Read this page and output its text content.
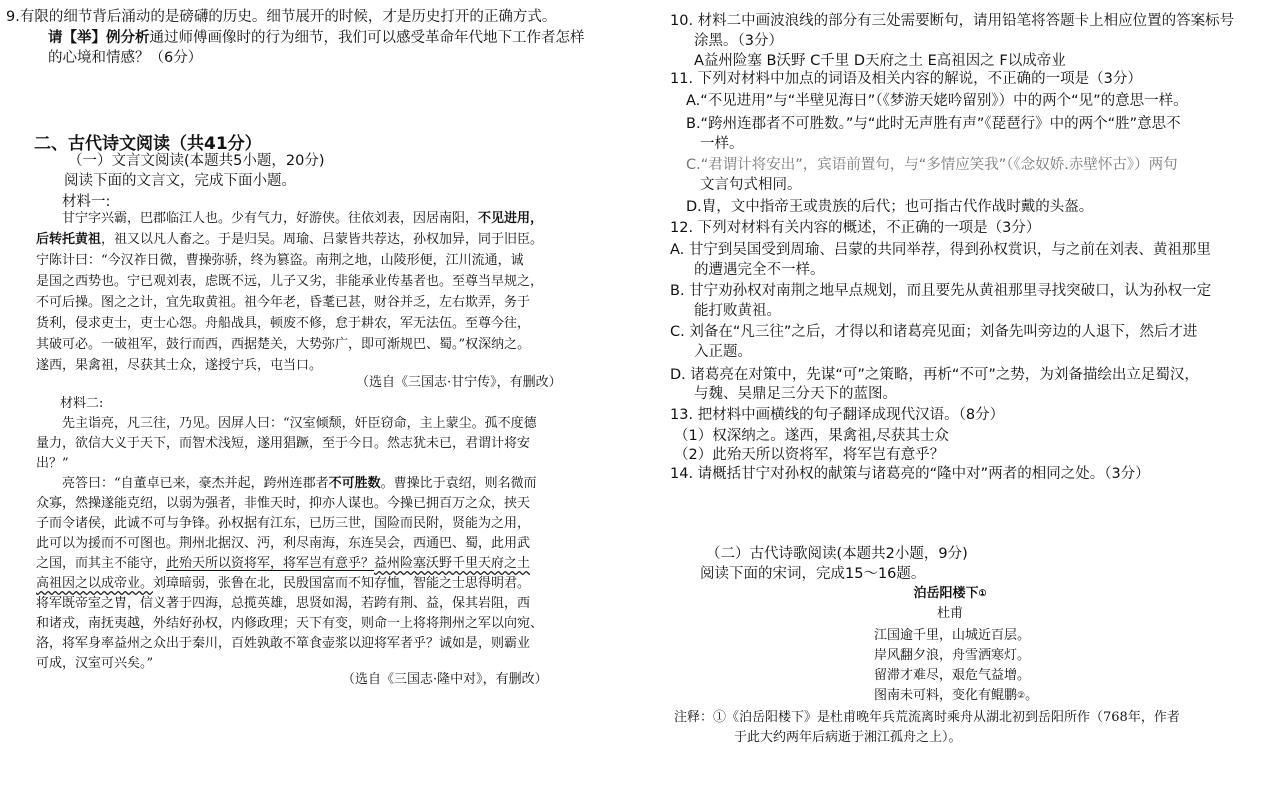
9.有限的细节背后涌动的是磅礴的历史。细节展开的时候，才是历史打开的正确方式。
请【举】例分析通过师傅画像时的行为细节，我们可以感受革命年代地下工作者怎样
的心境和情感？（6分）
二、古代诗文阅读（共41分）
（一）文言文阅读(本题共5小题，20分)
阅读下面的文言文，完成下面小题。
材料一:
甘宁字兴霸，巴郡临江人也。少有气力，好游侠。往依刘表，因居南阳，不见进用，
后转托黄祖，祖又以凡人畜之。于是归吴。周瑜、吕蒙皆共荐达，孙权加异，同于旧臣。
宁陈计曰：“今汉祚日微，曹操弥骄，终为篡盗。南荆之地，山陵形便，江川流通，诚
是国之西势也。宁已观刘表，虑既不远，儿子又劣，非能承业传基者也。至尊当早规之，
不可后操。图之之计，宜先取黄祖。祖今年老，昏耄已甚，财谷并乏，左右欺弄，务于
货利，侵求吏士，吏士心怨。舟船战具，顿废不修，怠于耕农，军无法伍。至尊今往，
其破可必。一破祖军，鼓行而西，西据楚关，大势弥广，即可渐规巴、蜀。”权深纳之。
遂西，果禽祖，尽获其士众，遂授宁兵，屯当口。
（选自《三国志·甘宁传》，有删改）
材料二:
先主诣亮，凡三往，乃见。因屏人曰：“汉室倾颓，奸臣窃命，主上蒙尘。孤不度德
量力，欲信大义于天下，而智术浅短，遂用猖蹶，至于今日。然志犹未已，君谓计将安
出？”
亮答曰：“自董卓已来，豪杰并起，跨州连郡者不可胜数。曹操比于袁绍，则名微而
众寡，然操遂能克绍，以弱为强者，非惟天时，抑亦人谋也。今操已拥百万之众，挟天
子而令诸侯，此诚不可与争锋。孙权据有江东，已历三世，国险而民附，贤能为之用，
此可以为援而不可图也。荆州北据汉、沔，利尽南海，东连吴会，西通巴、蜀，此用武
之国，而其主不能守，此殆天所以资将军，将军岂有意乎？益州险塞沃野千里天府之土
高祖因之以成帝业。刘璋暗弱，张鲁在北，民殷国富而不知存恤，智能之士思得明君。
将军既帝室之胄，信义著于四海，总揽英雄，思贤如渴，若跨有荆、益，保其岩阻，西
和诸戎，南抚夷越，外结好孙权，内修政理；天下有变，则命一上将将荆州之军以向宛、
洛，将军身率益州之众出于秦川，百姓孰敢不箪食壶浆以迎将军者乎？诚如是，则霸业
可成，汉室可兴矣。”
（选自《三国志·隆中对》，有删改）
10. 材料二中画波浪线的部分有三处需要断句，请用铅笔将答题卡上相应位置的答案标号
涂黑。（3分）
A益州险塞 B沃野 C千里 D天府之土 E高祖因之 F以成帝业
11. 下列对材料中加点的词语及相关内容的解说，不正确的一项是（3分）
A.“不见进用”与“半壁见海日”（《梦游天姥吟留别》）中的两个“见”的意思一样。
B.“跨州连郡者不可胜数。”与“此时无声胜有声”《琵琶行》中的两个“胜”意思不
一样。
C.“君谓计将安出”，宾语前置句，与“多情应笑我”（《念奴娇.赤壁怀古》）两句
文言句式相同。
D.胄，文中指帝王或贵族的后代；也可指古代作战时戴的头盔。
12. 下列对材料有关内容的概述，不正确的一项是（3分）
A. 甘宁到吴国受到周瑜、吕蒙的共同举荐，得到孙权赏识，与之前在刘表、黄祖那里
的遭遇完全不一样。
B. 甘宁劝孙权对南荆之地早点规划，而且要先从黄祖那里寻找突破口，认为孙权一定
能打败黄祖。
C. 刘备在“凡三往”之后，才得以和诸葛亮见面；刘备先叫旁边的人退下，然后才进
入正题。
D. 诸葛亮在对策中，先谋“可”之策略，再析“不可”之势，为刘备描绘出立足蜀汉，
与魏、吴鼎足三分天下的蓝图。
13. 把材料中画横线的句子翻译成现代汉语。（8分）
（1）权深纳之。遂西，果禽祖,尽获其士众
（2）此殆天所以资将军，将军岂有意乎？
14. 请概括甘宁对孙权的献策与诸葛亮的“隆中对”两者的相同之处。（3分）
（二）古代诗歌阅读(本题共2小题，9分)
阅读下面的宋词，完成15～16题。
泊岳阳楼下①
杜甫
江国逾千里，山城近百层。
岸风翻夕浪，舟雪洒寒灯。
留滞才难尽，艰危气益增。
图南未可料，变化有鲲鹏②。
注释：①《泊岳阳楼下》是杜甫晚年兵荒流离时乘舟从湖北初到岳阳所作（768年，作者
于此大约两年后病逝于湘江孤舟之上）。
